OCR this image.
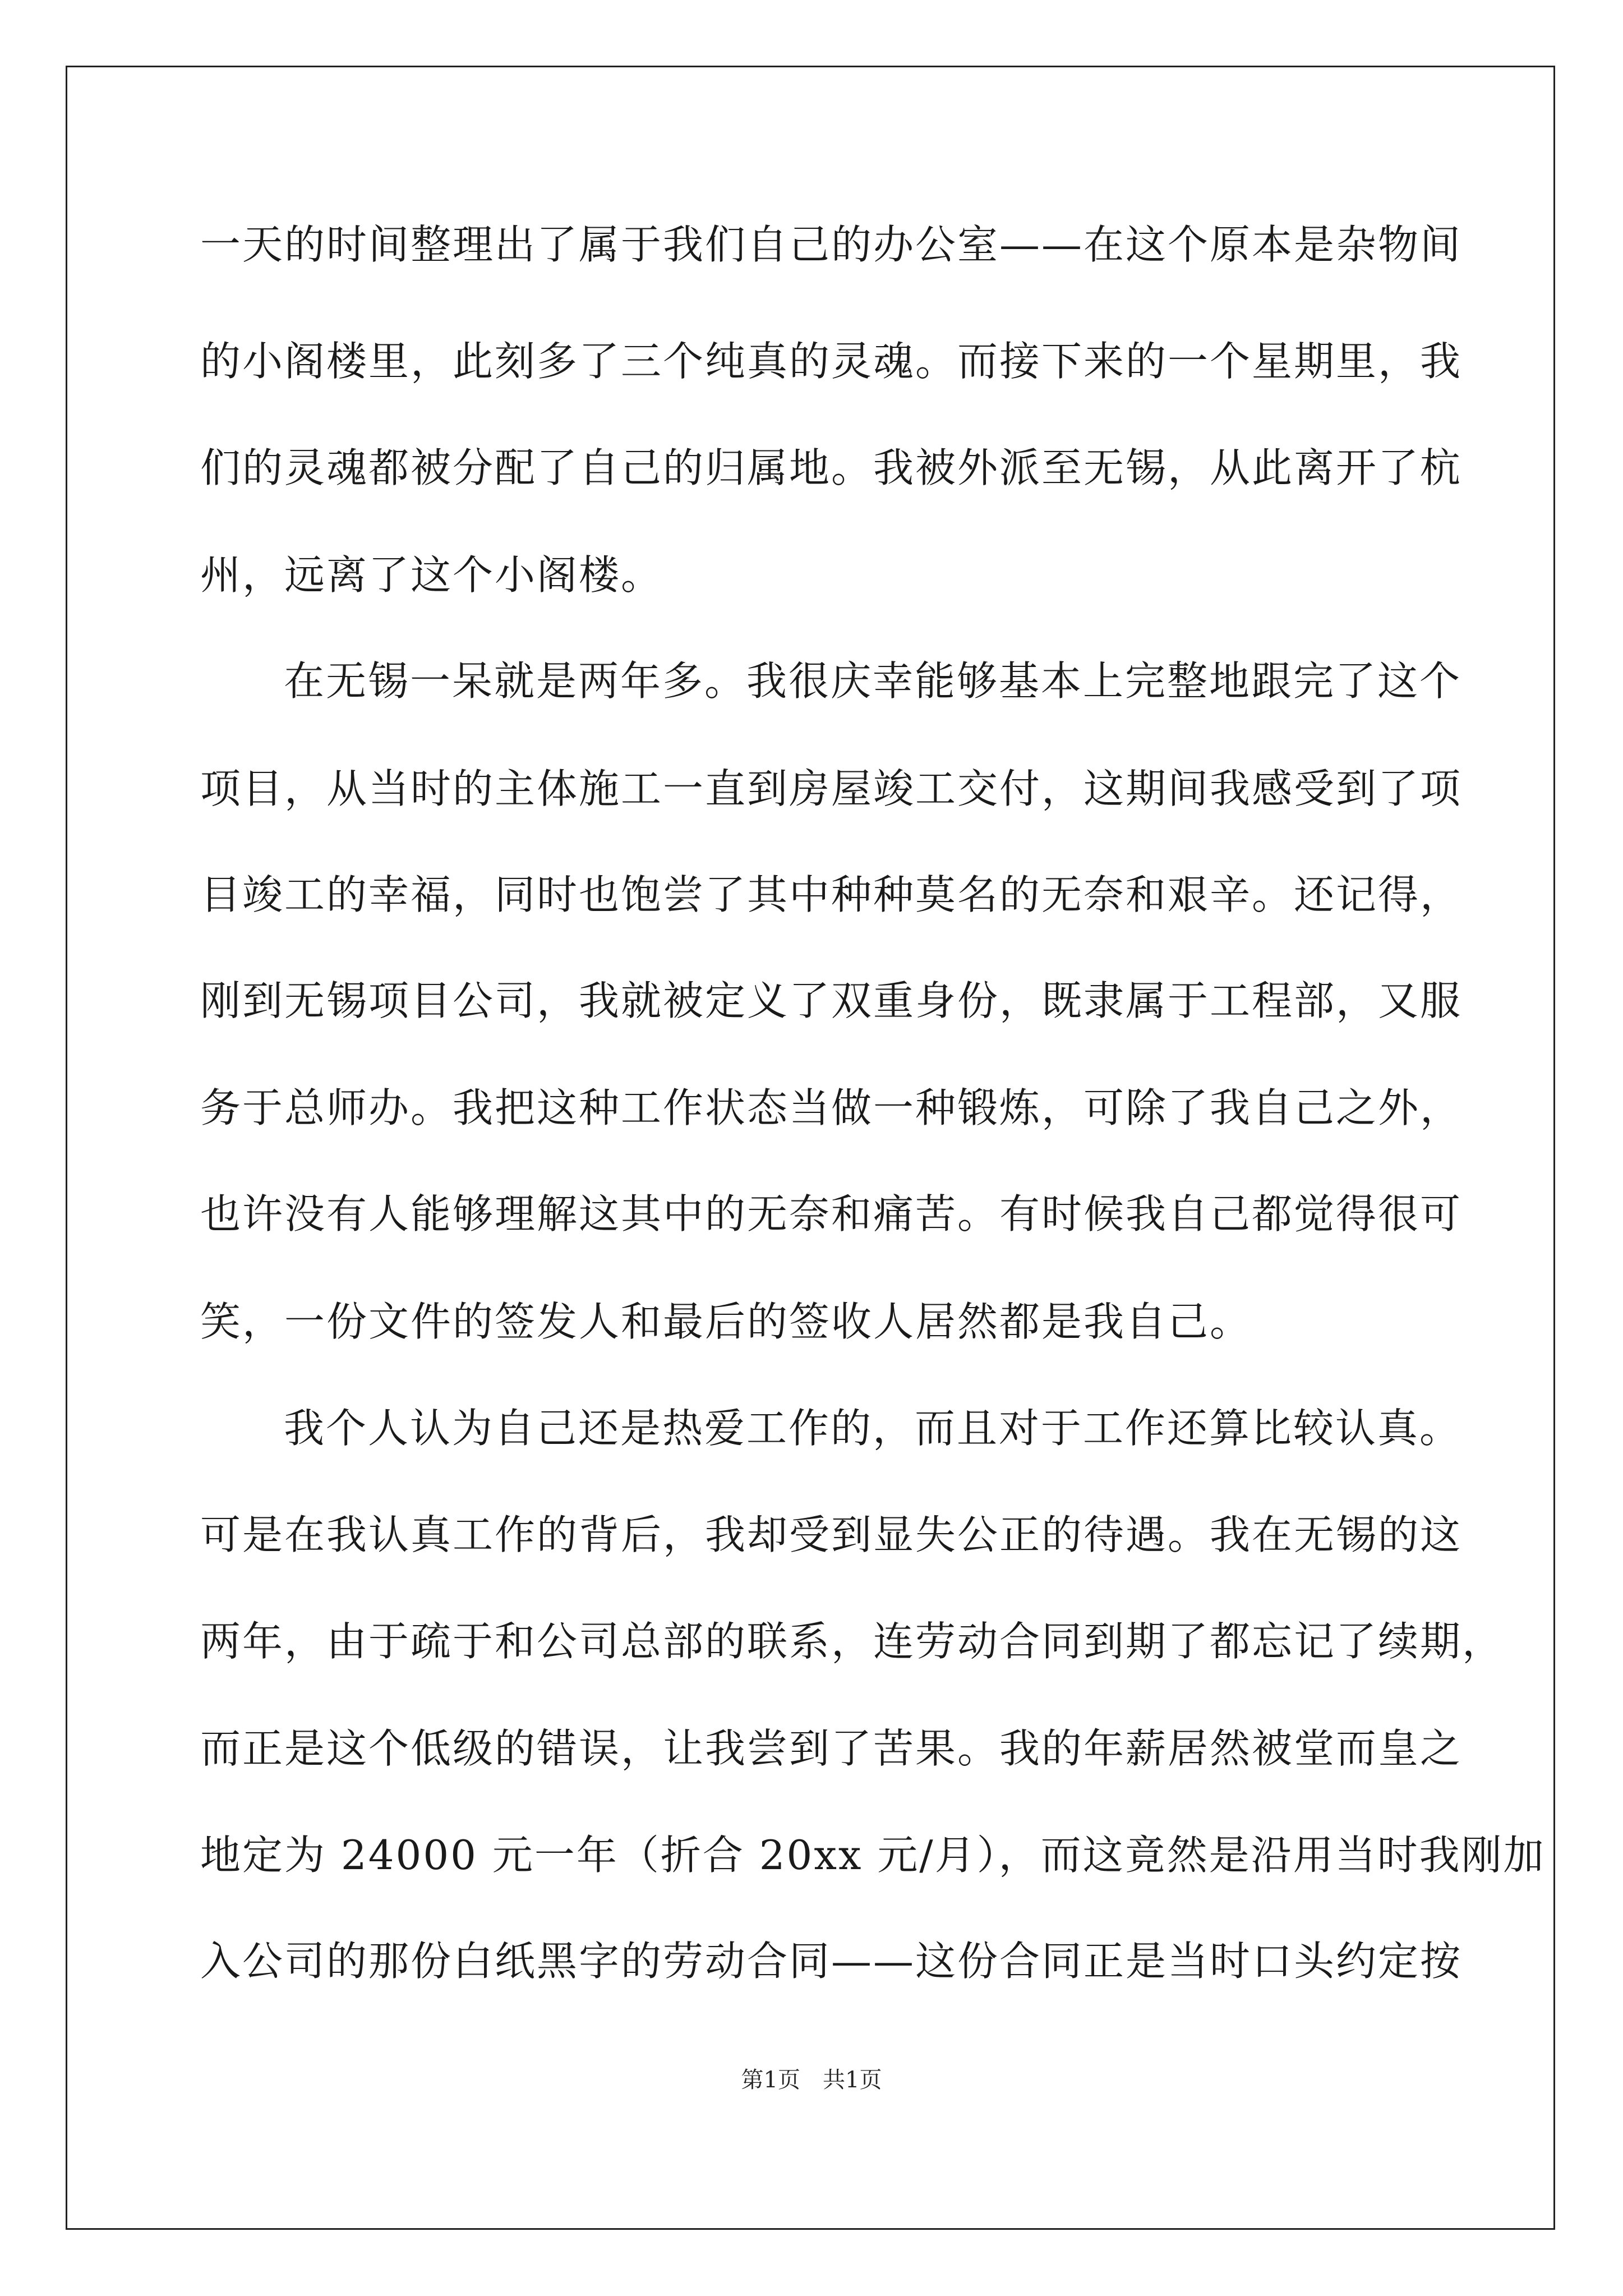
一天的时间整理出了属于我们自己的办公室——在这个原本是杂物间
的小阁楼里，此刻多了三个纯真的灵魂。而接下来的一个星期里，我
们的灵魂都被分配了自己的归属地。我被外派至无锡，从此离开了杭
州，远离了这个小阁楼。
在无锡一呆就是两年多。我很庆幸能够基本上完整地跟完了这个
项目，从当时的主体施工一直到房屋竣工交付，这期间我感受到了项
目竣工的幸福，同时也饱尝了其中种种莫名的无奈和艰辛。还记得，
刚到无锡项目公司，我就被定义了双重身份，既隶属于工程部，又服
务于总师办。我把这种工作状态当做一种锻炼，可除了我自己之外，
也许没有人能够理解这其中的无奈和痛苦。有时候我自己都觉得很可
笑，一份文件的签发人和最后的签收人居然都是我自己。
我个人认为自己还是热爱工作的，而且对于工作还算比较认真。
可是在我认真工作的背后，我却受到显失公正的待遇。我在无锡的这
两年，由于疏于和公司总部的联系，连劳动合同到期了都忘记了续期，
而正是这个低级的错误，让我尝到了苦果。我的年薪居然被堂而皇之
地定为 24000 元一年（折合 20xx 元/月），而这竟然是沿用当时我刚加
入公司的那份白纸黑字的劳动合同——这份合同正是当时口头约定按
第1页　共1页
